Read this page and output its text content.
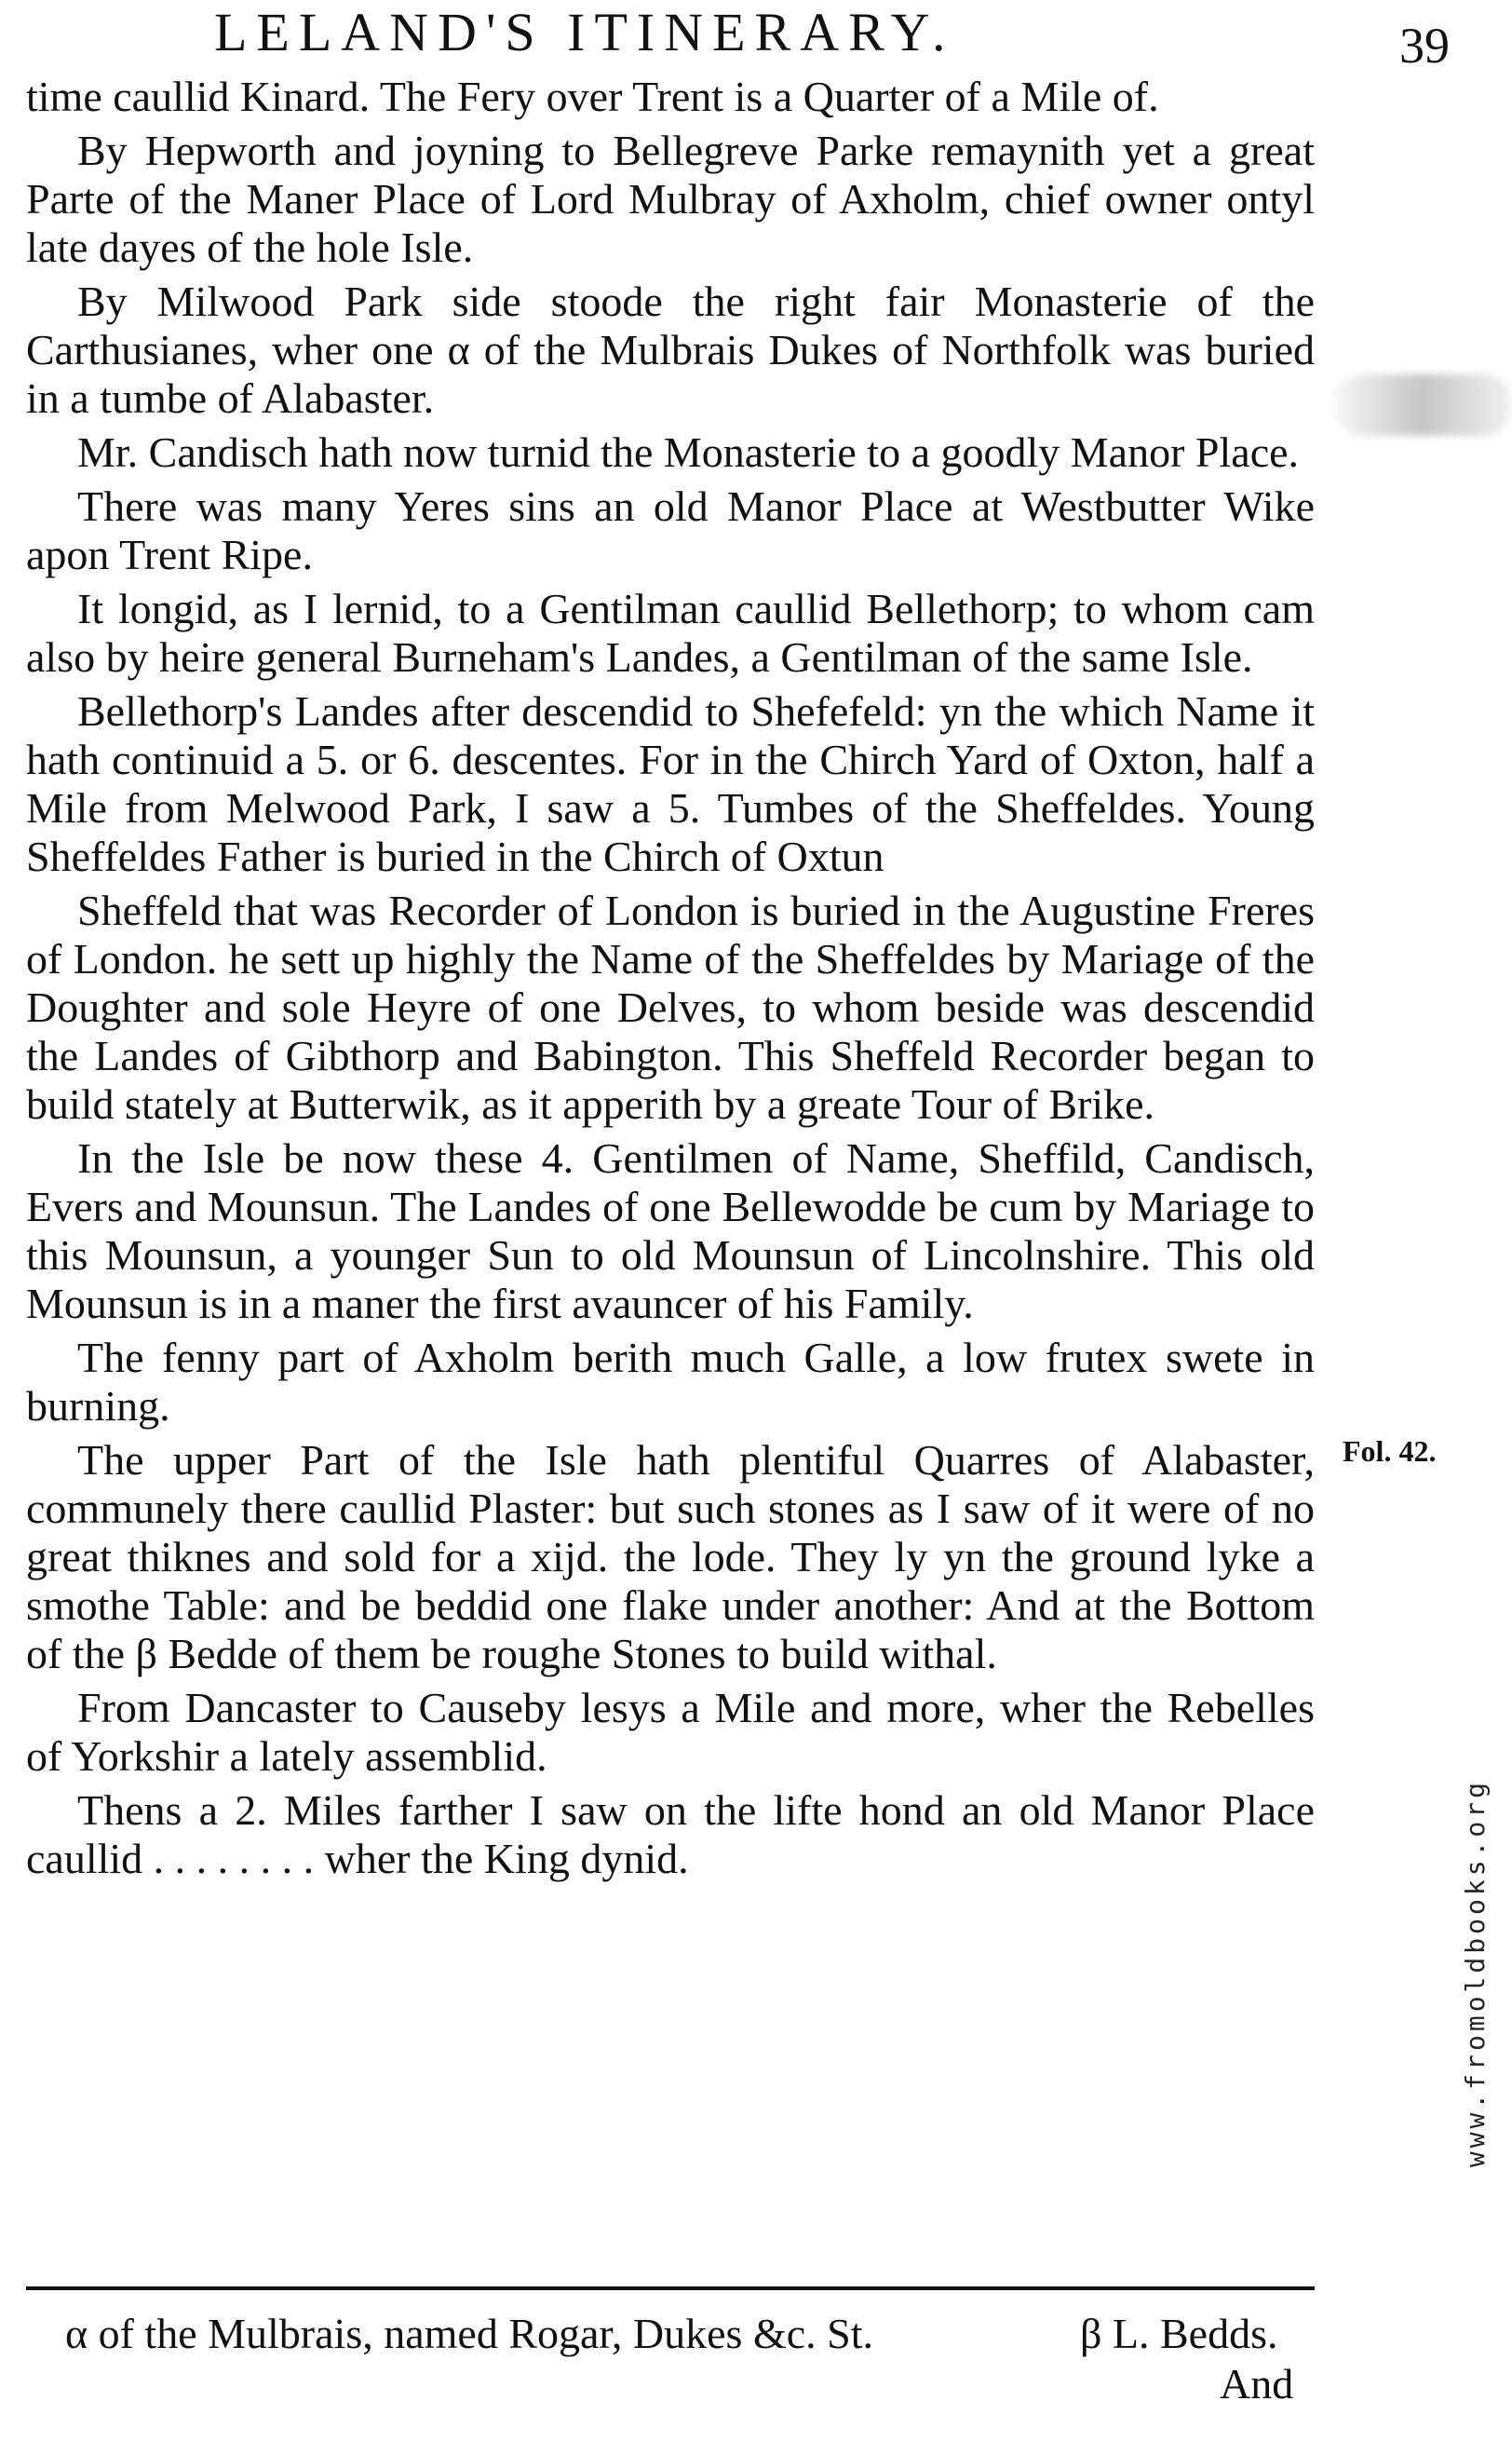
LELAND'S ITINERARY.	39

time caullid Kinard. The Fery over Trent is a Quarter of a Mile of.

By Hepworth and joyning to Bellegreve Parke remaynith yet a great Parte of the Maner Place of Lord Mulbray of Axholm, chief owner ontyl late dayes of the hole Isle.

By Milwood Park side stoode the right fair Monasterie of the Carthusianes, wher one α of the Mulbrais Dukes of Northfolk was buried in a tumbe of Alabaster.

Mr. Candisch hath now turnid the Monasterie to a goodly Manor Place.

There was many Yeres sins an old Manor Place at Westbutter Wike apon Trent Ripe.

It longid, as I lernid, to a Gentilman caullid Bellethorp; to whom cam also by heire general Burneham's Landes, a Gentilman of the same Isle.

Bellethorp's Landes after descendid to Shefefeld: yn the which Name it hath continuid a 5. or 6. descentes. For in the Chirch Yard of Oxton, half a Mile from Melwood Park, I saw a 5. Tumbes of the Sheffeldes. Young Sheffeldes Father is buried in the Chirch of Oxtun

Sheffeld that was Recorder of London is buried in the Augustine Freres of London. he sett up highly the Name of the Sheffeldes by Mariage of the Doughter and sole Heyre of one Delves, to whom beside was descendid the Landes of Gibthorp and Babington. This Sheffeld Recorder began to build stately at Butterwik, as it apperith by a greate Tour of Brike.

In the Isle be now these 4. Gentilmen of Name, Sheffild, Candisch, Evers and Mounsun. The Landes of one Bellewodde be cum by Mariage to this Mounsun, a younger Sun to old Mounsun of Lincolnshire. This old Mounsun is in a maner the first avauncer of his Family.

The fenny part of Axholm berith much Galle, a low frutex swete in burning.

The upper Part of the Isle hath plentiful Quarres of Alabaster, communely there caullid Plaster: but such stones as I saw of it were of no great thiknes and sold for a xijd. the lode. They ly yn the ground lyke a smothe Table: and be beddid one flake under another: And at the Bottom of the β Bedde of them be roughe Stones to build withal.

From Dancaster to Causeby lesys a Mile and more, wher the Rebelles of Yorkshir a lately assemblid.

Thens a 2. Miles farther I saw on the lifte hond an old Manor Place caullid . . . . . . . . wher the King dynid.

Fol. 42.
α of the Mulbrais, named Rogar, Dukes &c. St.	β L. Bedds.
And
www.fromoldbooks.org
